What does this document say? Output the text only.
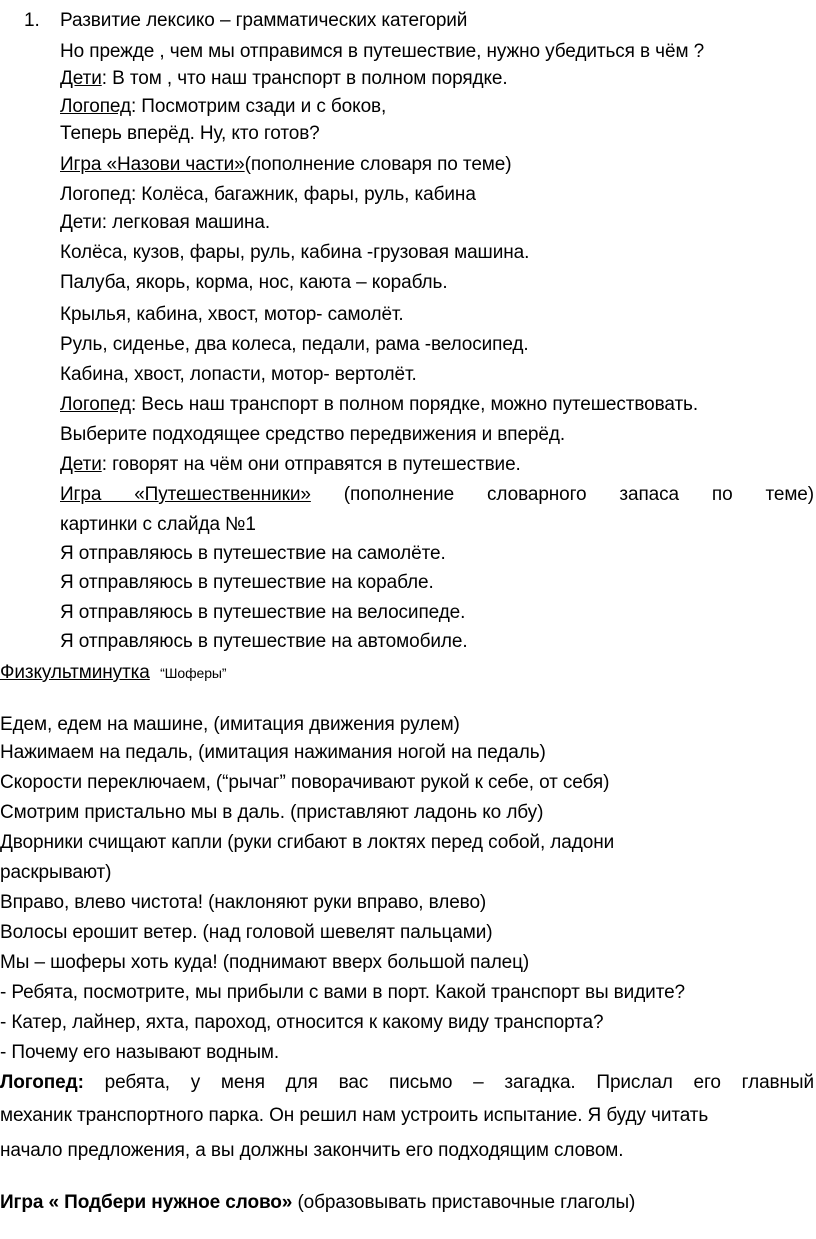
1. Развитие лексико – грамматических категорий
Но прежде , чем мы отправимся в путешествие, нужно убедиться в чём ?
Дети: В том , что наш транспорт в полном порядке.
Логопед: Посмотрим сзади и с боков,
Теперь вперёд. Ну, кто готов?
Игра «Назови части»(пополнение словаря по теме)
Логопед: Колёса, багажник, фары, руль, кабина
Дети: легковая машина.
Колёса, кузов, фары, руль, кабина -грузовая машина.
Палуба, якорь, корма, нос, каюта – корабль.
Крылья, кабина, хвост, мотор- самолёт.
Руль, сиденье, два колеса, педали, рама -велосипед.
Кабина, хвост, лопасти, мотор- вертолёт.
Логопед: Весь наш транспорт в полном порядке, можно путешествовать.
Выберите подходящее средство передвижения и вперёд.
Дети: говорят на чём они отправятся в путешествие.
Игра «Путешественники» (пополнение словарного запаса по теме)
картинки с слайда №1
Я отправляюсь в путешествие на самолёте.
Я отправляюсь в путешествие на корабле.
Я отправляюсь в путешествие на велосипеде.
Я отправляюсь в путешествие на автомобиле.
Физкультминутка “Шоферы”
Едем, едем на машине, (имитация движения рулем)
Нажимаем на педаль, (имитация нажимания ногой на педаль)
Скорости переключаем, (“рычаг” поворачивают рукой к себе, от себя)
Смотрим пристально мы в даль. (приставляют ладонь ко лбу)
Дворники счищают капли (руки сгибают в локтях перед собой, ладони
раскрывают)
Вправо, влево чистота! (наклоняют руки вправо, влево)
Волосы ерошит ветер. (над головой шевелят пальцами)
Мы – шоферы хоть куда! (поднимают вверх большой палец)
- Ребята, посмотрите, мы прибыли с вами в порт. Какой транспорт вы видите?
- Катер, лайнер, яхта, пароход, относится к какому виду транспорта?
- Почему его называют водным.
Логопед: ребята, у меня для вас письмо – загадка. Прислал его главный
механик транспортного парка. Он решил нам устроить испытание. Я буду читать
начало предложения, а вы должны закончить его подходящим словом.
Игра « Подбери нужное слово» (образовывать приставочные глаголы)
